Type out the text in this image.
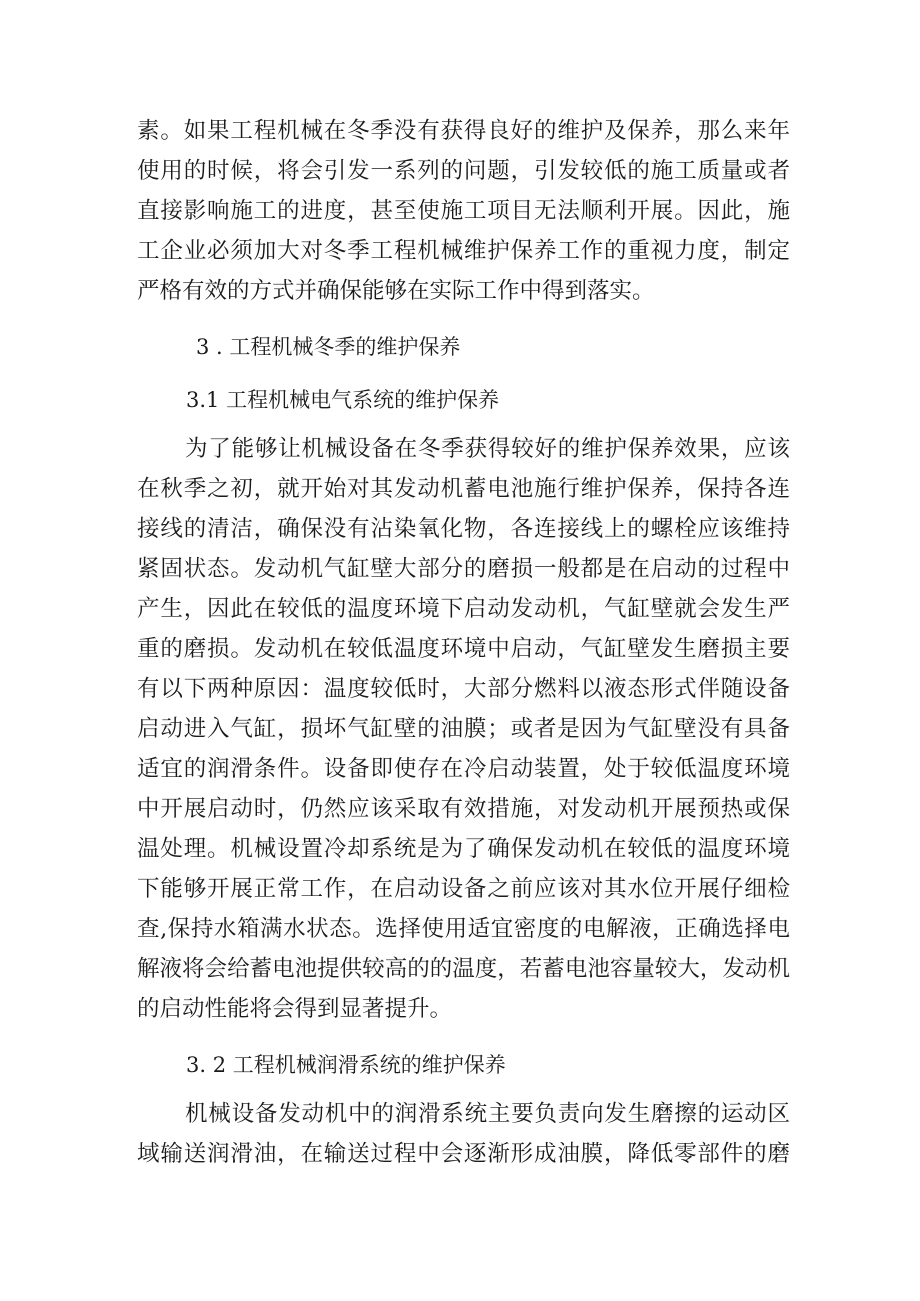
素。如果工程机械在冬季没有获得良好的维护及保养，那么来年
使用的时候，将会引发一系列的问题，引发较低的施工质量或者
直接影响施工的进度，甚至使施工项目无法顺利开展。因此，施
工企业必须加大对冬季工程机械维护保养工作的重视力度，制定
严格有效的方式并确保能够在实际工作中得到落实。
3 . 工程机械冬季的维护保养
3.1 工程机械电气系统的维护保养
为了能够让机械设备在冬季获得较好的维护保养效果，应该
在秋季之初，就开始对其发动机蓄电池施行维护保养，保持各连
接线的清洁，确保没有沾染氧化物，各连接线上的螺栓应该维持
紧固状态。发动机气缸壁大部分的磨损一般都是在启动的过程中
产生，因此在较低的温度环境下启动发动机，气缸壁就会发生严
重的磨损。发动机在较低温度环境中启动，气缸壁发生磨损主要
有以下两种原因：温度较低时，大部分燃料以液态形式伴随设备
启动进入气缸，损坏气缸壁的油膜；或者是因为气缸壁没有具备
适宜的润滑条件。设备即使存在冷启动装置，处于较低温度环境
中开展启动时，仍然应该采取有效措施，对发动机开展预热或保
温处理。机械设置冷却系统是为了确保发动机在较低的温度环境
下能够开展正常工作，在启动设备之前应该对其水位开展仔细检
查,保持水箱满水状态。选择使用适宜密度的电解液，正确选择电
解液将会给蓄电池提供较高的的温度，若蓄电池容量较大，发动机
的启动性能将会得到显著提升。
3. 2 工程机械润滑系统的维护保养
机械设备发动机中的润滑系统主要负责向发生磨擦的运动区
域输送润滑油，在输送过程中会逐渐形成油膜，降低零部件的磨
